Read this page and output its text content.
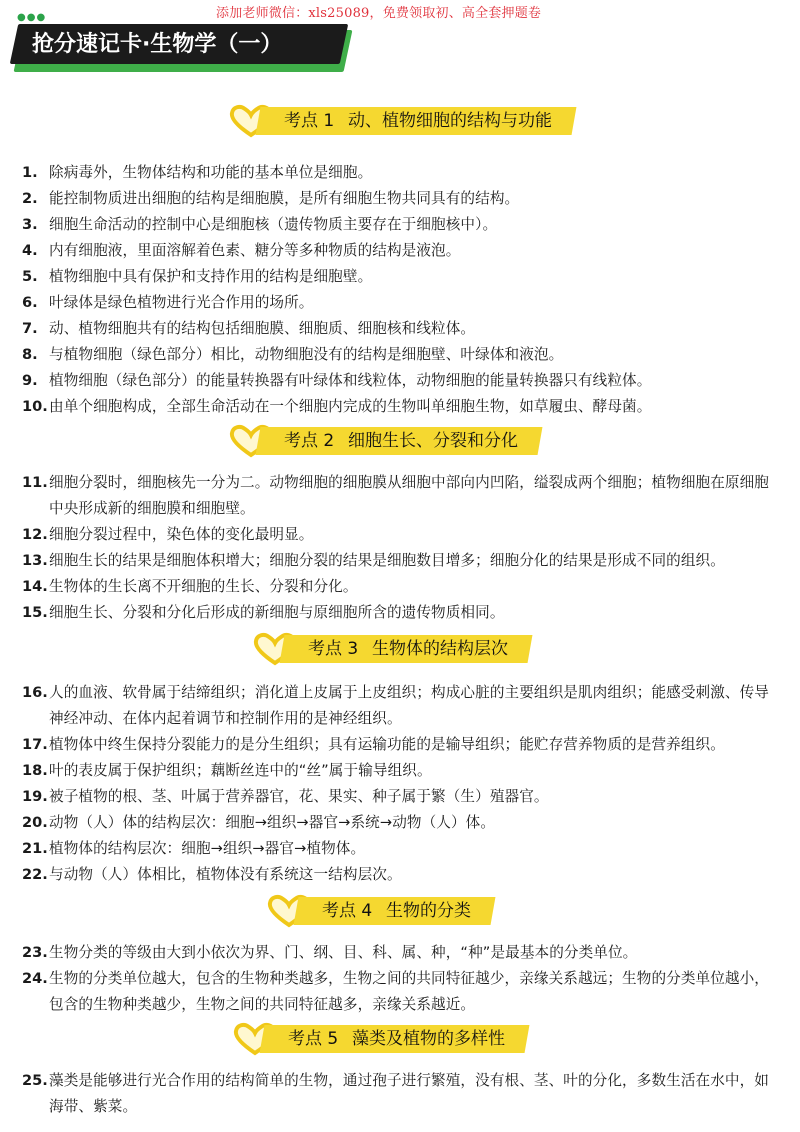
添加老师微信：xls25089，免费领取初、高全套押题卷
●●●
抢分速记卡·生物学（一）
考点 1 动、植物细胞的结构与功能
1. 除病毒外，生物体结构和功能的基本单位是细胞。
2. 能控制物质进出细胞的结构是细胞膜，是所有细胞生物共同具有的结构。
3. 细胞生命活动的控制中心是细胞核（遗传物质主要存在于细胞核中）。
4. 内有细胞液，里面溶解着色素、糖分等多种物质的结构是液泡。
5. 植物细胞中具有保护和支持作用的结构是细胞壁。
6. 叶绿体是绿色植物进行光合作用的场所。
7. 动、植物细胞共有的结构包括细胞膜、细胞质、细胞核和线粒体。
8. 与植物细胞（绿色部分）相比，动物细胞没有的结构是细胞壁、叶绿体和液泡。
9. 植物细胞（绿色部分）的能量转换器有叶绿体和线粒体，动物细胞的能量转换器只有线粒体。
10. 由单个细胞构成，全部生命活动在一个细胞内完成的生物叫单细胞生物，如草履虫、酵母菌。
考点 2 细胞生长、分裂和分化
11. 细胞分裂时，细胞核先一分为二。动物细胞的细胞膜从细胞中部向内凹陷，缢裂成两个细胞；植物细胞在原细胞中央形成新的细胞膜和细胞壁。
12. 细胞分裂过程中，染色体的变化最明显。
13. 细胞生长的结果是细胞体积增大；细胞分裂的结果是细胞数目增多；细胞分化的结果是形成不同的组织。
14. 生物体的生长离不开细胞的生长、分裂和分化。
15. 细胞生长、分裂和分化后形成的新细胞与原细胞所含的遗传物质相同。
考点 3 生物体的结构层次
16. 人的血液、软骨属于结缔组织；消化道上皮属于上皮组织；构成心脏的主要组织是肌肉组织；能感受刺激、传导神经冲动、在体内起着调节和控制作用的是神经组织。
17. 植物体中终生保持分裂能力的是分生组织；具有运输功能的是输导组织；能贮存营养物质的是营养组织。
18. 叶的表皮属于保护组织；藕断丝连中的“丝”属于输导组织。
19. 被子植物的根、茎、叶属于营养器官，花、果实、种子属于繁（生）殖器官。
20. 动物（人）体的结构层次：细胞→组织→器官→系统→动物（人）体。
21. 植物体的结构层次：细胞→组织→器官→植物体。
22. 与动物（人）体相比，植物体没有系统这一结构层次。
考点 4 生物的分类
23. 生物分类的等级由大到小依次为界、门、纲、目、科、属、种，“种”是最基本的分类单位。
24. 生物的分类单位越大，包含的生物种类越多，生物之间的共同特征越少，亲缘关系越远；生物的分类单位越小，包含的生物种类越少，生物之间的共同特征越多，亲缘关系越近。
考点 5 藻类及植物的多样性
25. 藻类是能够进行光合作用的结构简单的生物，通过孢子进行繁殖，没有根、茎、叶的分化，多数生活在水中，如海带、紫菜。
